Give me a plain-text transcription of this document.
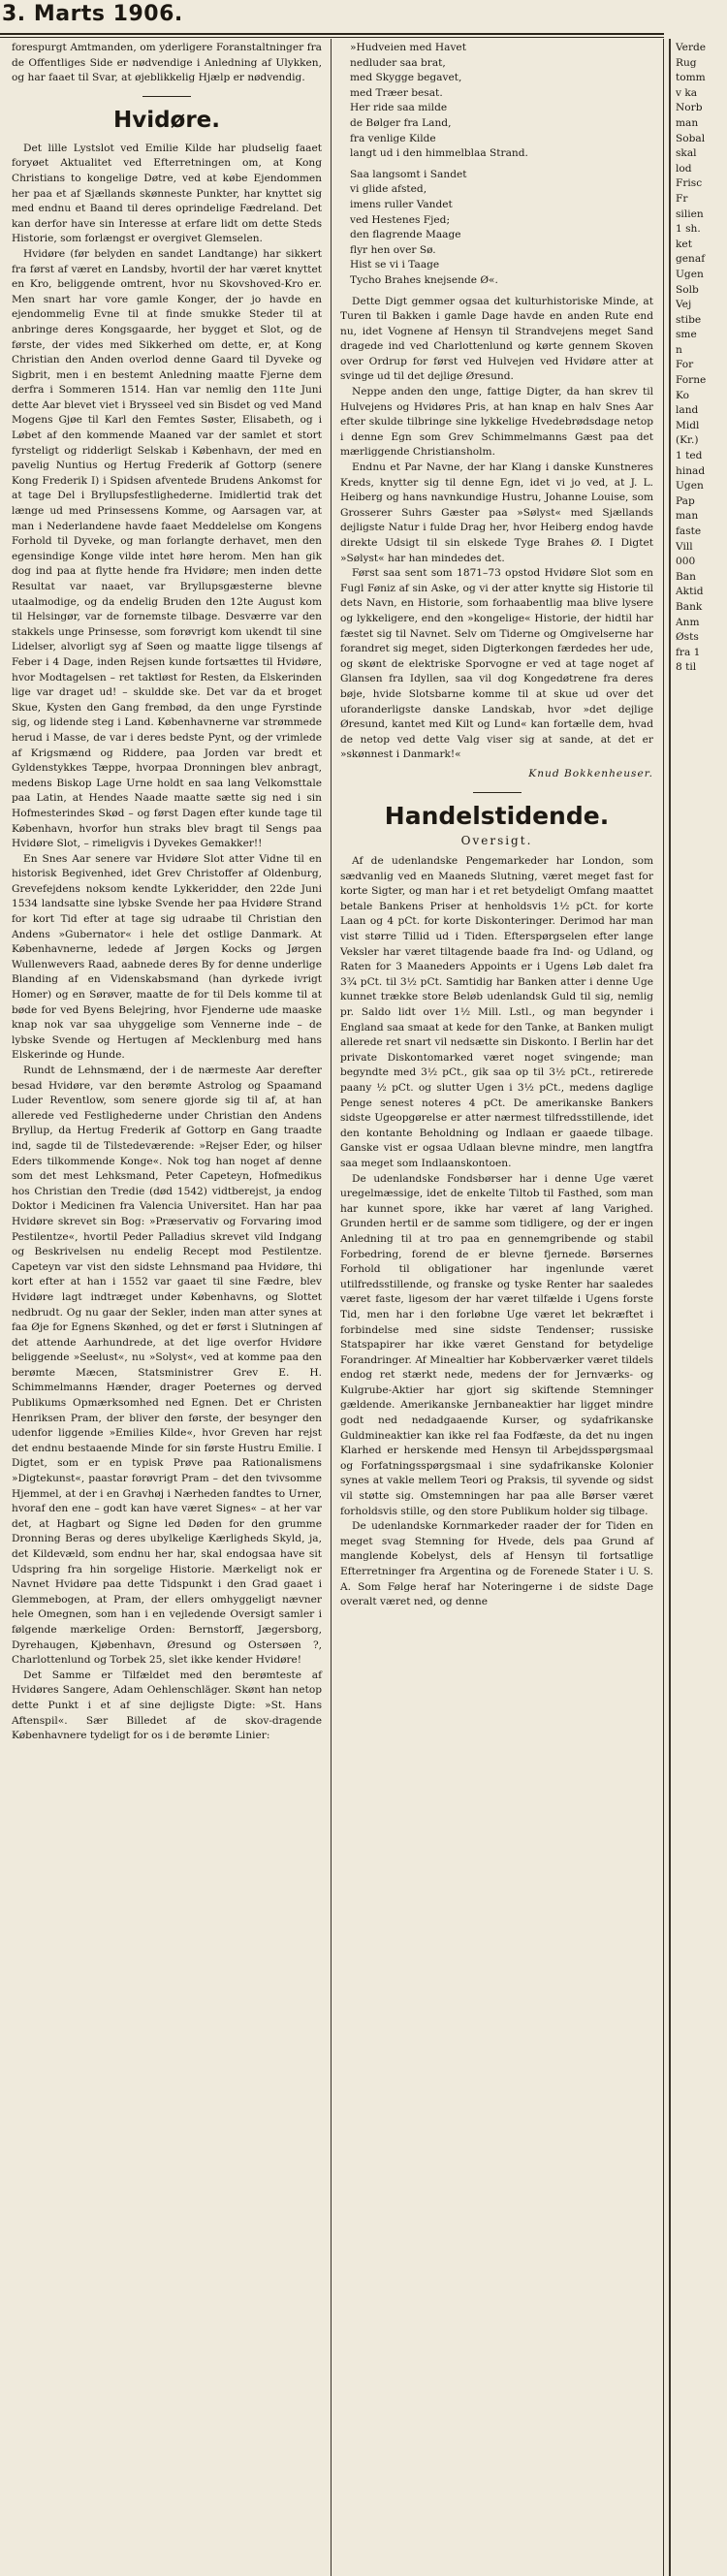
3. Marts 1906.

forespurgt Amtmanden, om yderligere Foranstaltninger fra de Offentliges Side er nødvendige i Anledning af Ulykken, og har faaet til Svar, at øjeblikkelig Hjælp er nødvendig.

Hvidøre.

Det lille Lystslot ved Emilie Kilde har pludselig faaet foryøet Aktualitet ved Efterretningen om, at Kong Christians to kongelige Døtre, ved at købe Ejendommen her paa et af Sjællands skønneste Punkter, har knyttet sig med endnu et Baand til deres oprindelige Fædreland. Det kan derfor have sin Interesse at erfare lidt om dette Steds Historie, som forlængst er overgivet Glemselen.

Hvidøre (før belyden en sandet Landtange) har sikkert fra først af været en Landsby, hvortil der har været knyttet en Kro, beliggende omtrent, hvor nu Skovshoved-Kro er. Men snart har vore gamle Konger, der jo havde en ejendommelig Evne til at finde smukke Steder til at anbringe deres Kongsgaarde, her bygget et Slot, og de første, der vides med Sikkerhed om dette, er, at Kong Christian den Anden overlod denne Gaard til Dyveke og Sigbrit, men i en bestemt Anledning maatte Fjerne dem derfra i Sommeren 1514. Han var nemlig den 11te Juni dette Aar blevet viet i Brysseel ved sin Bisdet og ved Mand Mogens Gjøe til Karl den Femtes Søster, Elisabeth, og i Løbet af den kommende Maaned var der samlet et stort fyrsteligt og ridderligt Selskab i København, der med en pavelig Nuntius og Hertug Frederik af Gottorp (senere Kong Frederik I) i Spidsen afventede Brudens Ankomst for at tage Del i Bryllupsfestlighederne. Imidlertid trak det længe ud med Prinsessens Komme, og Aarsagen var, at man i Nederlandene havde faaet Meddelelse om Kongens Forhold til Dyveke, og man forlangte derhavet, men den egensindige Konge vilde intet høre herom. Men han gik dog ind paa at flytte hende fra Hvidøre; men inden dette Resultat var naaet, var Bryllupsgæsterne blevne utaalmodige, og da endelig Bruden den 12te August kom til Helsingør, var de fornemste tilbage. Desværre var den stakkels unge Prinsesse, som forøvrigt kom ukendt til sine Lidelser, alvorligt syg af Søen og maatte ligge tilsengs af Feber i 4 Dage, inden Rejsen kunde fortsættes til Hvidøre, hvor Modtagelsen – ret taktløst for Resten, da Elskerinden lige var draget ud! – skuldde ske. Det var da et broget Skue, Kysten den Gang frembød, da den unge Fyrstinde sig, og lidende steg i Land. Københavnerne var strømmede herud i Masse, de var i deres bedste Pynt, og der vrimlede af Krigsmænd og Riddere, paa Jorden var bredt et Gyldenstykkes Tæppe, hvorpaa Dronningen blev anbragt, medens Biskop Lage Urne holdt en saa lang Velkomsttale paa Latin, at Hendes Naade maatte sætte sig ned i sin Hofmesterindes Skød – og først Dagen efter kunde tage til København, hvorfor hun straks blev bragt til Sengs paa Hvidøre Slot, – rimeligvis i Dyvekes Gemakker!!

En Snes Aar senere var Hvidøre Slot atter Vidne til en historisk Begivenhed, idet Grev Christoffer af Oldenburg, Grevefejdens noksom kendte Lykkeridder, den 22de Juni 1534 landsatte sine lybske Svende her paa Hvidøre Strand for kort Tid efter at tage sig udraabe til Christian den Andens »Gubernator« i hele det ostlige Danmark. At Københavnerne, ledede af Jørgen Kocks og Jørgen Wullenwevers Raad, aabnede deres By for denne underlige Blanding af en Videnskabsmand (han dyrkede ivrigt Homer) og en Sørøver, maatte de for til Dels komme til at bøde for ved Byens Belejring, hvor Fjenderne ude maaske knap nok var saa uhyggelige som Vennerne inde – de lybske Svende og Hertugen af Mecklenburg med hans Elskerinde og Hunde.

Rundt de Lehnsmænd, der i de nærmeste Aar derefter besad Hvidøre, var den berømte Astrolog og Spaamand Luder Reventlow, som senere gjorde sig til af, at han allerede ved Festlighederne under Christian den Andens Bryllup, da Hertug Frederik af Gottorp en Gang traadte ind, sagde til de Tilstedeværende: »Rejser Eder, og hilser Eders tilkommende Konge«. Nok tog han noget af denne som det mest Lehksmand, Peter Capeteyn, Hofmedikus hos Christian den Tredie (død 1542) vidtberejst, ja endog Doktor i Medicinen fra Valencia Universitet. Han har paa Hvidøre skrevet sin Bog: »Præservativ og Forvaring imod Pestilentze«, hvortil Peder Palladius skrevet vild Indgang og Beskrivelsen nu endelig Recept mod Pestilentze. Capeteyn var vist den sidste Lehnsmand paa Hvidøre, thi kort efter at han i 1552 var gaaet til sine Fædre, blev Hvidøre lagt indtræget under Københavns, og Slottet nedbrudt. Og nu gaar der Sekler, inden man atter synes at faa Øje for Egnens Skønhed, og det er først i Slutningen af det attende Aarhundrede, at det lige overfor Hvidøre beliggende »Seelust«, nu »Solyst«, ved at komme paa den berømte Mæcen, Statsministrer Grev E. H. Schimmelmanns Hænder, drager Poeternes og derved Publikums Opmærksomhed ned Egnen. Det er Christen Henriksen Pram, der bliver den første, der besynger den udenfor liggende »Emilies Kilde«, hvor Greven har rejst det endnu bestaaende Minde for sin første Hustru Emilie. I Digtet, som er en typisk Prøve paa Rationalismens »Digtekunst«, paastar forøvrigt Pram – det den tvivsomme Hjemmel, at der i en Gravhøj i Nærheden fandtes to Urner, hvoraf den ene – godt kan have været Signes« – at her var det, at Hagbart og Signe led Døden for den grumme Dronning Beras og deres ubylkelige Kærligheds Skyld, ja, det Kildevæld, som endnu her har, skal endogsaa have sit Udspring fra hin sorgelige Historie. Mærkeligt nok er Navnet Hvidøre paa dette Tidspunkt i den Grad gaaet i Glemmebogen, at Pram, der ellers omhyggeligt nævner hele Omegnen, som han i en vejledende Oversigt samler i følgende mærkelige Orden: Bernstorff, Jægersborg, Dyrehaugen, Kjøbenhavn, Øresund og Ostersøen ?, Charlottenlund og Torbek 25, slet ikke kender Hvidøre!

Det Samme er Tilfældet med den berømteste af Hvidøres Sangere, Adam Oehlenschläger. Skønt han netop dette Punkt i et af sine dejligste Digte: »St. Hans Aftenspil«. Sær Billedet af de skov-dragende Københavnere tydeligt for os i de berømte Linier:

»Hudveien med Havet

nedluder saa brat,

med Skygge begavet,

med Træer besat.

Her ride saa milde

de Bølger fra Land,

fra venlige Kilde

langt ud i den himmelblaa Strand.

Saa langsomt i Sandet

vi glide afsted,

imens ruller Vandet

ved Hestenes Fjed;

den flagrende Maage

flyr hen over Sø.

Hist se vi i Taage

Tycho Brahes knejsende Ø«.

Dette Digt gemmer ogsaa det kulturhistoriske Minde, at Turen til Bakken i gamle Dage havde en anden Rute end nu, idet Vognene af Hensyn til Strandvejens meget Sand dragede ind ved Charlottenlund og kørte gennem Skoven over Ordrup for først ved Hulvejen ved Hvidøre atter at svinge ud til det dejlige Øresund.

Neppe anden den unge, fattige Digter, da han skrev til Hulvejens og Hvidøres Pris, at han knap en halv Snes Aar efter skulde tilbringe sine lykkelige Hvedebrødsdage netop i denne Egn som Grev Schimmelmanns Gæst paa det mærliggende Christiansholm.

Endnu et Par Navne, der har Klang i danske Kunstneres Kreds, knytter sig til denne Egn, idet vi jo ved, at J. L. Heiberg og hans navnkundige Hustru, Johanne Louise, som Grosserer Suhrs Gæster paa »Sølyst« med Sjællands dejligste Natur i fulde Drag her, hvor Heiberg endog havde direkte Udsigt til sin elskede Tyge Brahes Ø. I Digtet »Sølyst« har han mindedes det.

Først saa sent som 1871–73 opstod Hvidøre Slot som en Fugl Føniz af sin Aske, og vi der atter knytte sig Historie til dets Navn, en Historie, som forhaabentlig maa blive lysere og lykkeligere, end den »kongelige« Historie, der hidtil har fæstet sig til Navnet. Selv om Tiderne og Omgivelserne har forandret sig meget, siden Digterkongen færdedes her ude, og skønt de elektriske Sporvogne er ved at tage noget af Glansen fra Idyllen, saa vil dog Kongedøtrene fra deres bøje, hvide Slotsbarne komme til at skue ud over det uforanderligste danske Landskab, hvor »det dejlige Øresund, kantet med Kilt og Lund« kan fortælle dem, hvad de netop ved dette Valg viser sig at sande, at det er »skønnest i Danmark!«

Knud Bokkenheuser.

Handelstidende.
Oversigt.

Af de udenlandske Pengemarkeder har London, som sædvanlig ved en Maaneds Slutning, været meget fast for korte Sigter, og man har i et ret betydeligt Omfang maattet betale Bankens Priser at henholdsvis 1½ pCt. for korte Laan og 4 pCt. for korte Diskonteringer. Derimod har man vist større Tillid ud i Tiden. Efterspørgselen efter lange Veksler har været tiltagende baade fra Ind- og Udland, og Raten for 3 Maaneders Appoints er i Ugens Løb dalet fra 3¾ pCt. til 3½ pCt. Samtidig har Banken atter i denne Uge kunnet trække store Beløb udenlandsk Guld til sig, nemlig pr. Saldo lidt over 1½ Mill. Lstl., og man begynder i England saa smaat at kede for den Tanke, at Banken muligt allerede ret snart vil nedsætte sin Diskonto. I Berlin har det private Diskontomarked været noget svingende; man begyndte med 3½ pCt., gik saa op til 3½ pCt., retirerede paany ½ pCt. og slutter Ugen i 3½ pCt., medens daglige Penge senest noteres 4 pCt. De amerikanske Bankers sidste Ugeopgørelse er atter nærmest tilfredsstillende, idet den kontante Beholdning og Indlaan er gaaede tilbage. Ganske vist er ogsaa Udlaan blevne mindre, men langtfra saa meget som Indlaanskontoen.

De udenlandske Fondsbørser har i denne Uge været uregelmæssige, idet de enkelte Tiltob til Fasthed, som man har kunnet spore, ikke har været af lang Varighed. Grunden hertil er de samme som tidligere, og der er ingen Anledning til at tro paa en gennemgribende og stabil Forbedring, forend de er blevne fjernede. Børsernes Forhold til obligationer har ingenlunde været utilfredsstillende, og franske og tyske Renter har saaledes været faste, ligesom der har været tilfælde i Ugens forste Tid, men har i den forløbne Uge været let bekræftet i forbindelse med sine sidste Tendenser; russiske Statspapirer har ikke været Genstand for betydelige Forandringer. Af Minealtier har Kobberværker været tildels endog ret stærkt nede, medens der for Jernværks- og Kulgrube-Aktier har gjort sig skiftende Stemninger gældende. Amerikanske Jernbaneaktier har ligget mindre godt ned nedadgaaende Kurser, og sydafrikanske Guldmineaktier kan ikke rel faa Fodfæste, da det nu ingen Klarhed er herskende med Hensyn til Arbejdsspørgsmaal og Forfatningsspørgsmaal i sine sydafrikanske Kolonier synes at vakle mellem Teori og Praksis, til syvende og sidst vil støtte sig. Omstemningen har paa alle Børser været forholdsvis stille, og den store Publikum holder sig tilbage.

De udenlandske Kornmarkeder raader der for Tiden en meget svag Stemning for Hvede, dels paa Grund af manglende Kobelyst, dels af Hensyn til fortsatlige Efterretninger fra Argentina og de Forenede Stater i U. S. A. Som Følge heraf har Noteringerne i de sidste Dage overalt været ned, og denne

Verde

Rug

tomm

v ka

Norb

man

Sobal

skal

lod

Frisc

Fr

silien

1 sh.

ket

genaf

Ugen

Solb

Vej

stibe

sme

n

For

Forne

Ko

land

Midl

(Kr.)

1 ted

hinad

Ugen

Pap

man

faste

Vill

000

Ban

Aktid

Bank

Anm

Østs

fra 1

8 til
